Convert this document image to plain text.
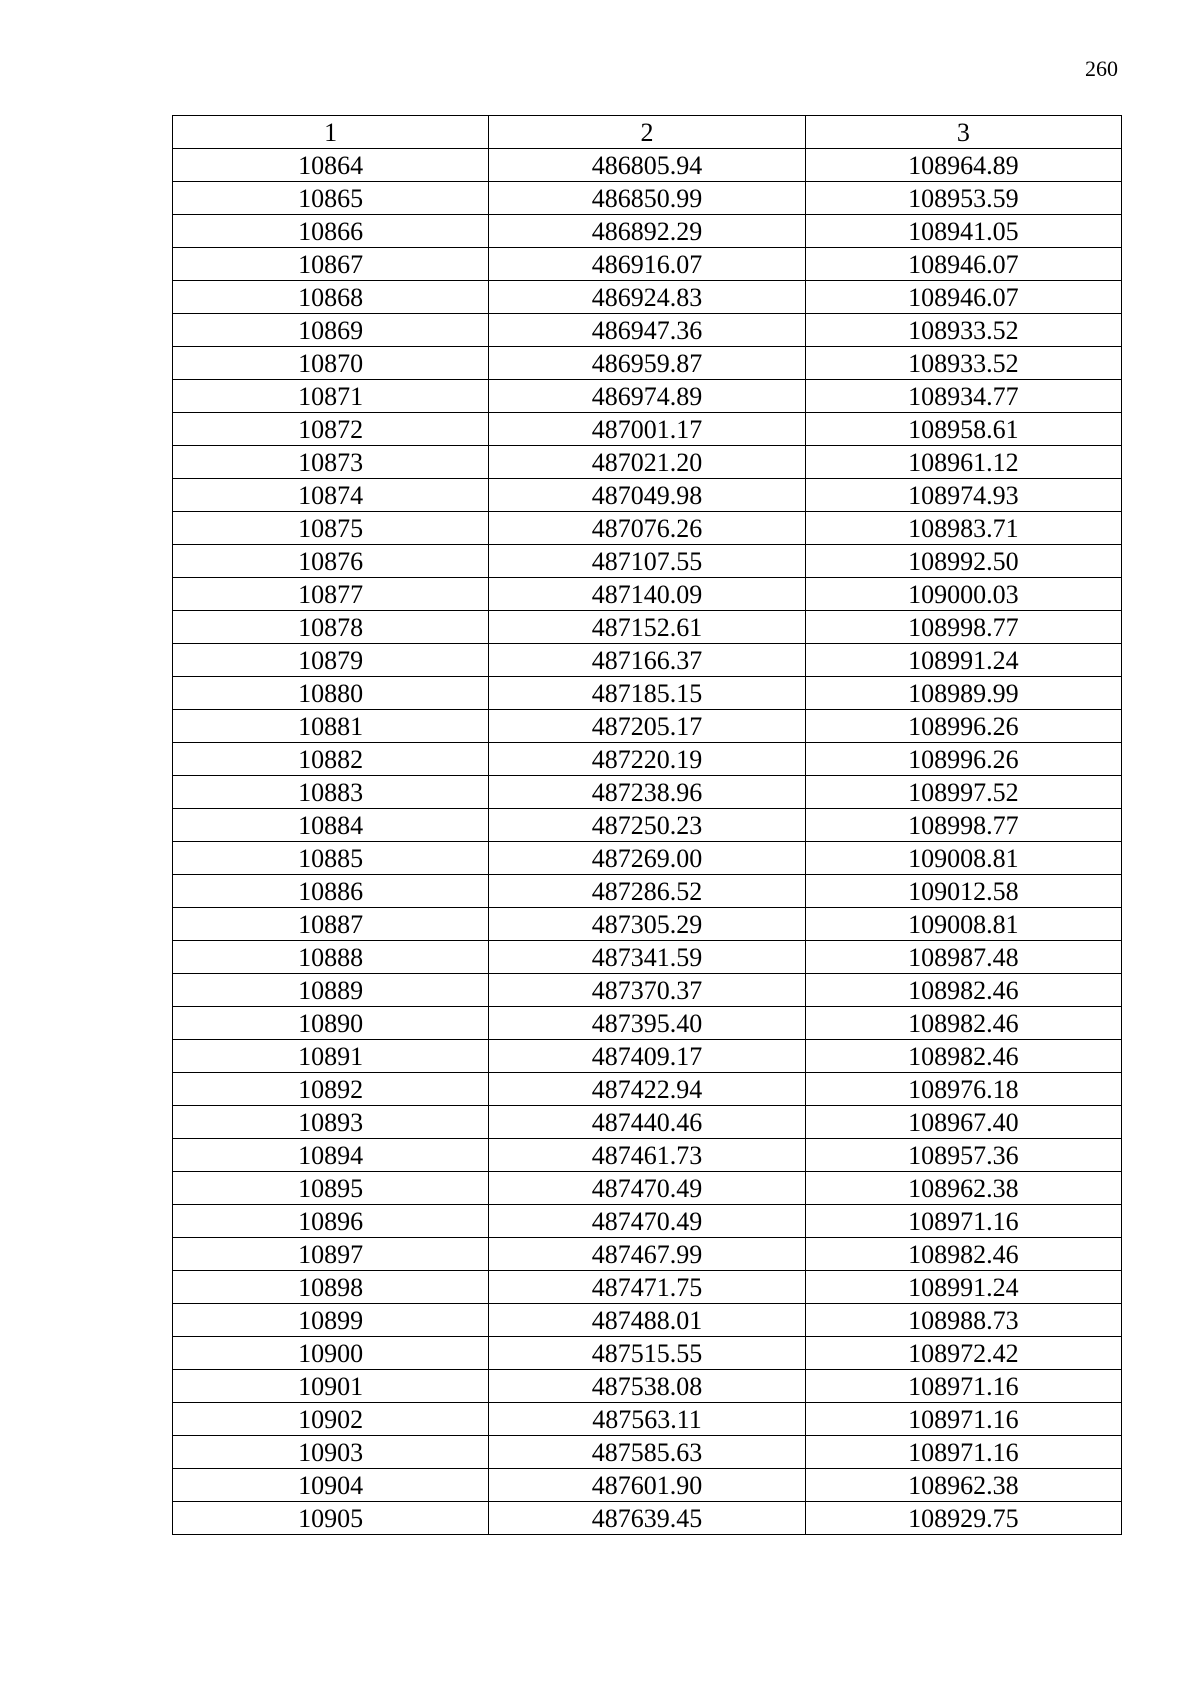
260
1	2	3
10864	486805.94	108964.89
10865	486850.99	108953.59
10866	486892.29	108941.05
10867	486916.07	108946.07
10868	486924.83	108946.07
10869	486947.36	108933.52
10870	486959.87	108933.52
10871	486974.89	108934.77
10872	487001.17	108958.61
10873	487021.20	108961.12
10874	487049.98	108974.93
10875	487076.26	108983.71
10876	487107.55	108992.50
10877	487140.09	109000.03
10878	487152.61	108998.77
10879	487166.37	108991.24
10880	487185.15	108989.99
10881	487205.17	108996.26
10882	487220.19	108996.26
10883	487238.96	108997.52
10884	487250.23	108998.77
10885	487269.00	109008.81
10886	487286.52	109012.58
10887	487305.29	109008.81
10888	487341.59	108987.48
10889	487370.37	108982.46
10890	487395.40	108982.46
10891	487409.17	108982.46
10892	487422.94	108976.18
10893	487440.46	108967.40
10894	487461.73	108957.36
10895	487470.49	108962.38
10896	487470.49	108971.16
10897	487467.99	108982.46
10898	487471.75	108991.24
10899	487488.01	108988.73
10900	487515.55	108972.42
10901	487538.08	108971.16
10902	487563.11	108971.16
10903	487585.63	108971.16
10904	487601.90	108962.38
10905	487639.45	108929.75
